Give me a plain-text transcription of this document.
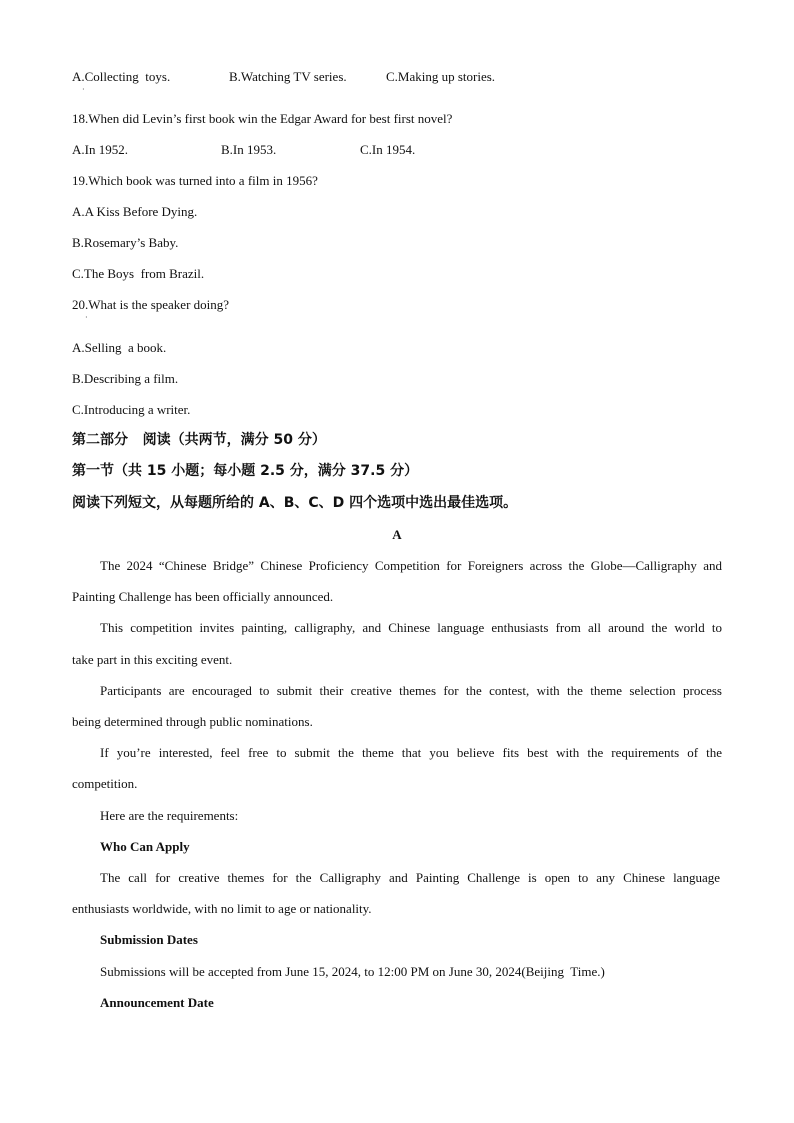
A.Collecting  toys.	B.Watching TV series.	C.Making up stories.
·
18.When did Levin’s first book win the Edgar Award for best first novel?
A.In 1952.	B.In 1953.	C.In 1954.
19.Which book was turned into a film in 1956?
A.A Kiss Before Dying.
B.Rosemary’s Baby.
C.The Boys  from Brazil.
20.What is the speaker doing?
·
A.Selling  a book.
B.Describing a film.
C.Introducing a writer.
第二部分   阅读（共两节，满分 50 分）
第一节（共 15 小题；每小题 2.5 分，满分 37.5 分）
阅读下列短文，从每题所给的 A、B、C、D 四个选项中选出最佳选项。
A
The 2024 “Chinese Bridge” Chinese Proficiency Competition for Foreigners across the Globe—Calligraphy and
Painting Challenge has been officially announced.
This competition invites painting, calligraphy, and Chinese language enthusiasts from all around the world to
take part in this exciting event.
Participants are encouraged to submit their creative themes for the contest, with the theme selection process
being determined through public nominations.
If you’re interested, feel free to submit the theme that you believe fits best with the requirements of the
competition.
Here are the requirements:
Who Can Apply
The call for creative themes for the Calligraphy and Painting Challenge is open to any Chinese language
enthusiasts worldwide, with no limit to age or nationality.
Submission Dates
Submissions will be accepted from June 15, 2024, to 12:00 PM on June 30, 2024(Beijing  Time.)
Announcement Date
